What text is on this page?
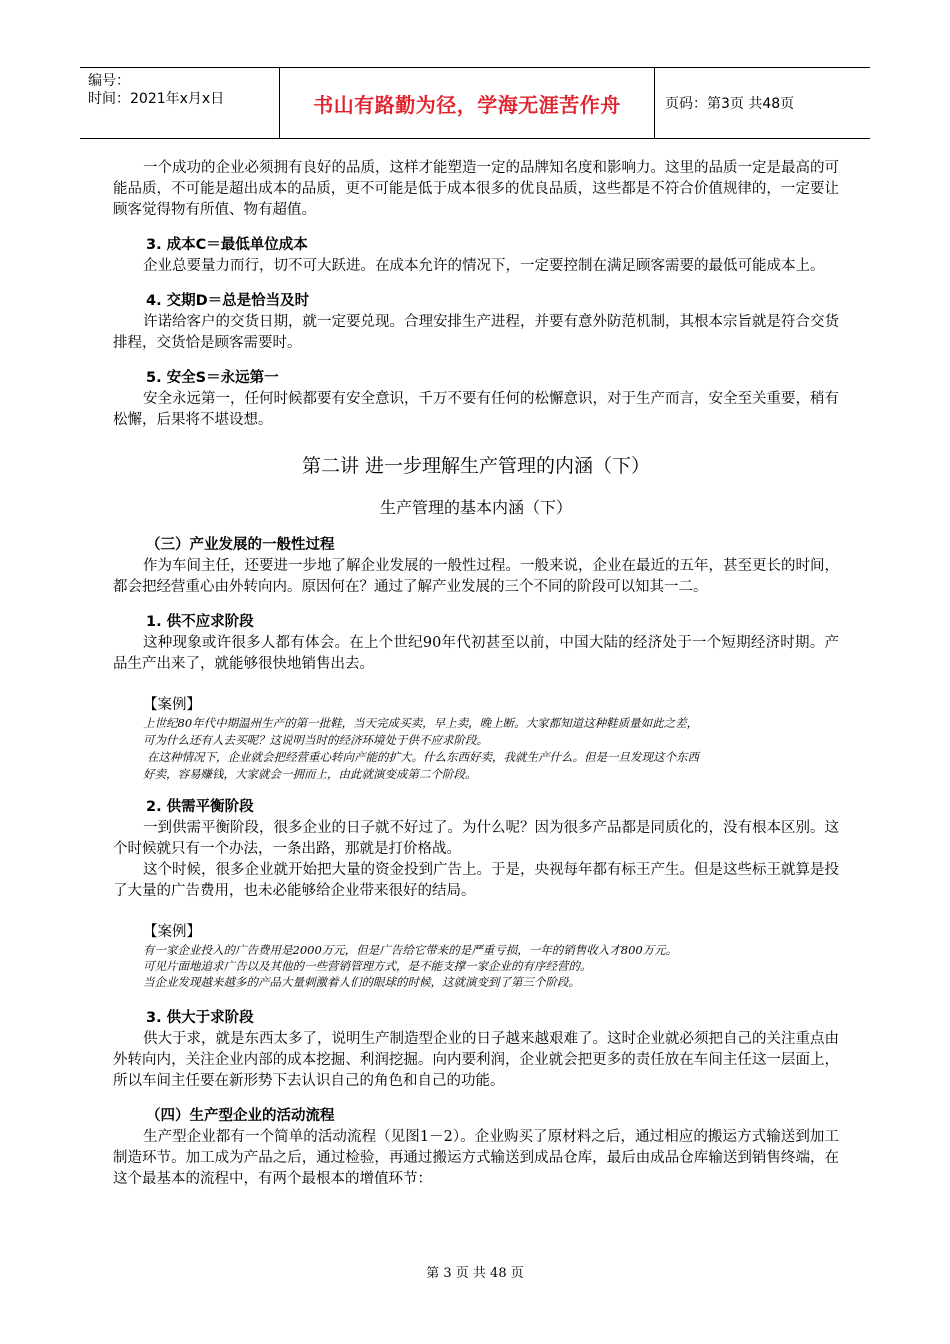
编号：
时间：2021年x月x日	书山有路勤为径，学海无涯苦作舟	页码：第3页 共48页

一个成功的企业必须拥有良好的品质，这样才能塑造一定的品牌知名度和影响力。这里的品质一定是最高的可能品质，不可能是超出成本的品质，更不可能是低于成本很多的优良品质，这些都是不符合价值规律的，一定要让顾客觉得物有所值、物有超值。

3. 成本C＝最低单位成本

企业总要量力而行，切不可大跃进。在成本允许的情况下，一定要控制在满足顾客需要的最低可能成本上。

4. 交期D＝总是恰当及时

许诺给客户的交货日期，就一定要兑现。合理安排生产进程，并要有意外防范机制，其根本宗旨就是符合交货排程，交货恰是顾客需要时。

5. 安全S＝永远第一

安全永远第一，任何时候都要有安全意识，千万不要有任何的松懈意识，对于生产而言，安全至关重要，稍有松懈，后果将不堪设想。

第二讲 进一步理解生产管理的内涵（下）
生产管理的基本内涵（下）
（三）产业发展的一般性过程

作为车间主任，还要进一步地了解企业发展的一般性过程。一般来说，企业在最近的五年，甚至更长的时间，都会把经营重心由外转向内。原因何在？通过了解产业发展的三个不同的阶段可以知其一二。

1. 供不应求阶段

这种现象或许很多人都有体会。在上个世纪90年代初甚至以前，中国大陆的经济处于一个短期经济时期。产品生产出来了，就能够很快地销售出去。

【案例】
上世纪80年代中期温州生产的第一批鞋，当天完成买卖，早上卖，晚上断。大家都知道这种鞋质量如此之差，
可为什么还有人去买呢？这说明当时的经济环境处于供不应求阶段。
在这种情况下，企业就会把经营重心转向产能的扩大。什么东西好卖，我就生产什么。但是一旦发现这个东西
好卖，容易赚钱，大家就会一拥而上，由此就演变成第二个阶段。
2. 供需平衡阶段

一到供需平衡阶段，很多企业的日子就不好过了。为什么呢？因为很多产品都是同质化的，没有根本区别。这个时候就只有一个办法，一条出路，那就是打价格战。

这个时候，很多企业就开始把大量的资金投到广告上。于是，央视每年都有标王产生。但是这些标王就算是投了大量的广告费用，也未必能够给企业带来很好的结局。

【案例】
有一家企业投入的广告费用是2000万元，但是广告给它带来的是严重亏损，一年的销售收入才800万元。
可见片面地追求广告以及其他的一些营销管理方式，是不能支撑一家企业的有序经营的。
当企业发现越来越多的产品大量刺激着人们的眼球的时候，这就演变到了第三个阶段。
3. 供大于求阶段

供大于求，就是东西太多了，说明生产制造型企业的日子越来越艰难了。这时企业就必须把自己的关注重点由外转向内，关注企业内部的成本挖掘、利润挖掘。向内要利润，企业就会把更多的责任放在车间主任这一层面上，所以车间主任要在新形势下去认识自己的角色和自己的功能。

（四）生产型企业的活动流程

生产型企业都有一个简单的活动流程（见图1－2）。企业购买了原材料之后，通过相应的搬运方式输送到加工制造环节。加工成为产品之后，通过检验，再通过搬运方式输送到成品仓库，最后由成品仓库输送到销售终端，在这个最基本的流程中，有两个最根本的增值环节：

第 3 页 共 48 页
